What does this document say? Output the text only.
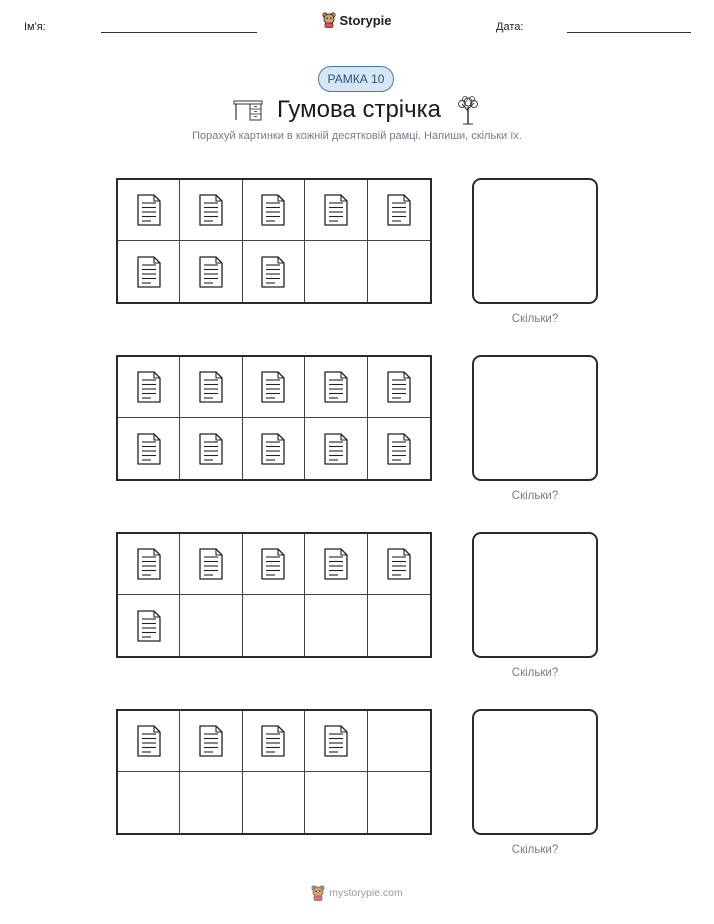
Ім'я:	Storypie	Дата:
РАМКА 10
Гумова стрічка
Порахуй картинки в кожній десятковій рамці. Напиши, скільки їх.
Скільки?
Скільки?
Скільки?
Скільки?
mystorypie.com
